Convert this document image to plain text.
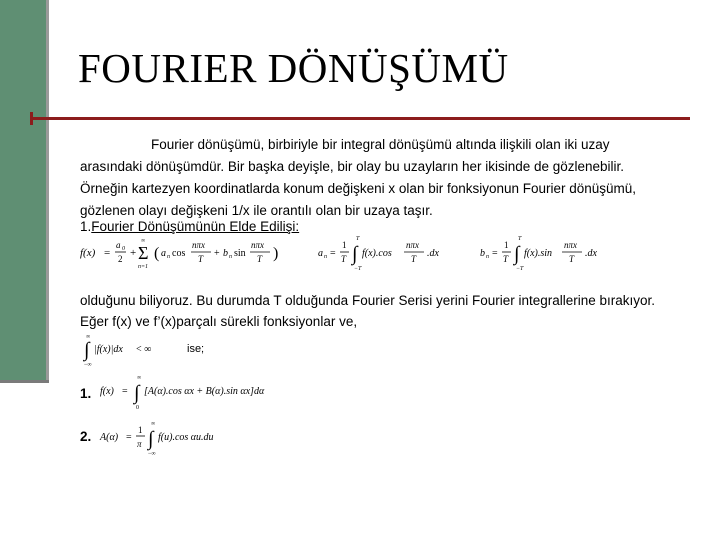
FOURIER DÖNÜŞÜMÜ
Fourier dönüşümü, birbiriyle bir integral dönüşümü altında ilişkili olan iki uzay
arasındaki dönüşümdür. Bir başka deyişle, bir olay bu uzayların her ikisinde de gözlenebilir.
Örneğin kartezyen koordinatlarda konum değişkeni x olan bir fonksiyonun Fourier dönüşümü,
gözlenen olayı değişkeni 1/x ile orantılı olan bir uzaya taşır.
1.Fourier Dönüşümünün Elde Edilişi:
f(x) =
a 0
2 + Σ
∞
n=1
( a n cos
nπx
T + b n sin
nπx
T )	a n =
1
T ∫
T
−T
f(x).cos
nπx
T .dx	b n =
1
T ∫
T
−T
f(x).sin
nπx
T .dx
olduğunu biliyoruz. Bu durumda T olduğunda Fourier Serisi yerini Fourier integrallerine bırakıyor.
Eğer f(x) ve f’(x)parçalı sürekli fonksiyonlar ve,
∫
∞
−∞
|f(x)|dx < ∞	ise;
1. f(x) = ∫
∞
0
[A(α).cos αx + B(α).sin αx]dα
2. A(α) =
1
π ∫
∞
−∞
f(u).cos αu.du
